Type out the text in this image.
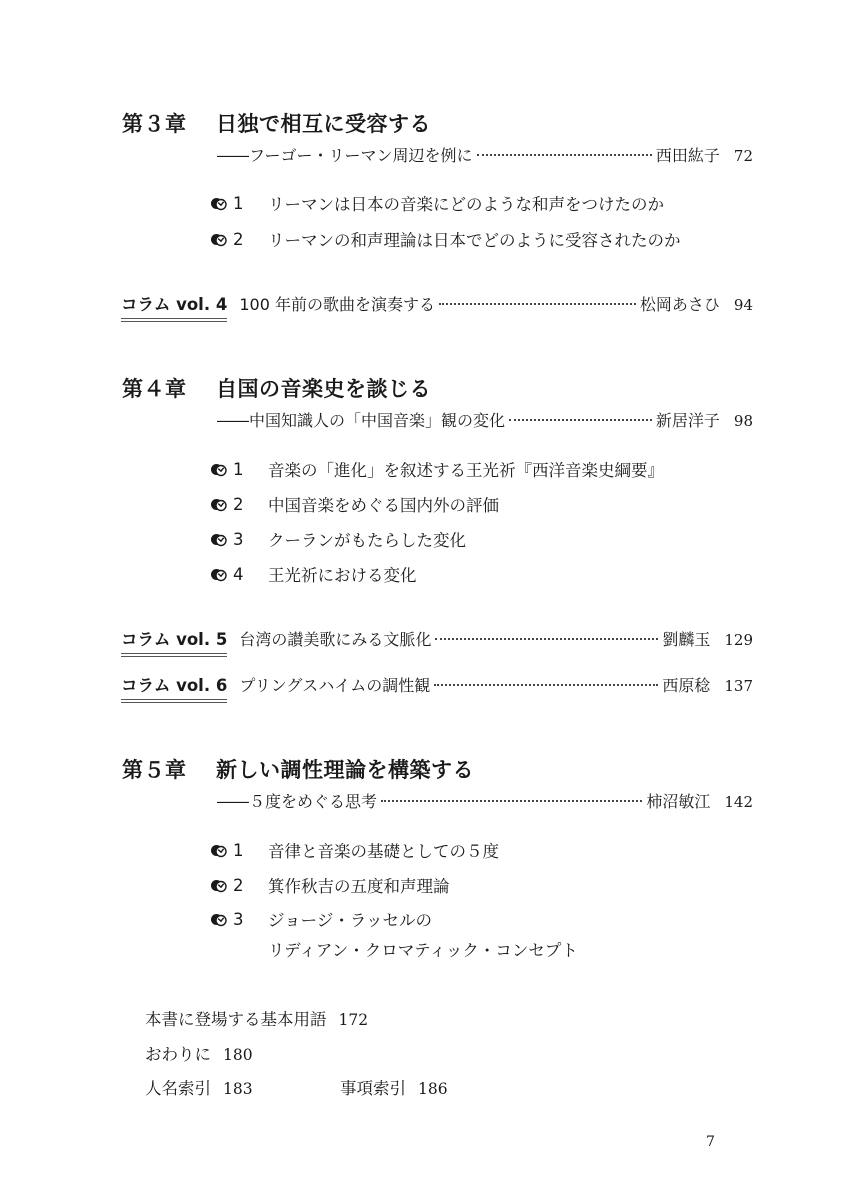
第３章 日独で相互に受容する
――フーゴー・リーマン周辺を例に	西田紘子 72
1	リーマンは日本の音楽にどのような和声をつけたのか
2	リーマンの和声理論は日本でどのように受容されたのか
コラム vol. 4 100 年前の歌曲を演奏する	松岡あさひ 94
第４章 自国の音楽史を談じる
――中国知識人の「中国音楽」観の変化	新居洋子 98
1	音楽の「進化」を叙述する王光祈『西洋音楽史綱要』
2	中国音楽をめぐる国内外の評価
3	クーランがもたらした変化
4	王光祈における変化
コラム vol. 5 台湾の讃美歌にみる文脈化	劉麟玉 129
コラム vol. 6 プリングスハイムの調性観	西原稔 137
第５章 新しい調性理論を構築する
――５度をめぐる思考	柿沼敏江 142
1	音律と音楽の基礎としての５度
2	箕作秋吉の五度和声理論
3	ジョージ・ラッセルの
リディアン・クロマティック・コンセプト
本書に登場する基本用語 172
おわりに 180
人名索引 183	事項索引 186
7
